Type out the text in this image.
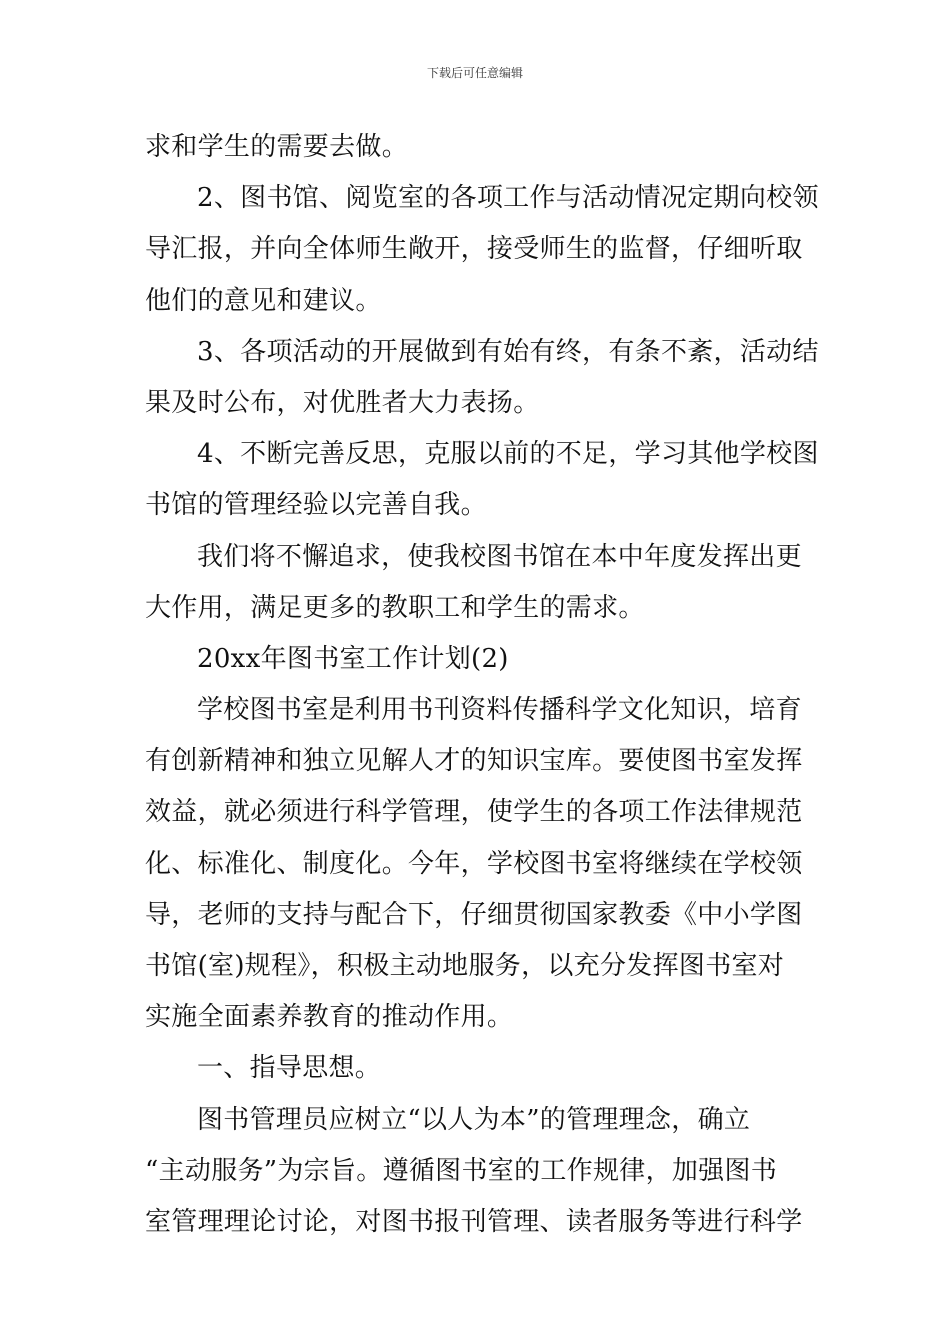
下载后可任意编辑
求和学生的需要去做。
2、图书馆、阅览室的各项工作与活动情况定期向校领
导汇报，并向全体师生敞开，接受师生的监督，仔细听取
他们的意见和建议。
3、各项活动的开展做到有始有终，有条不紊，活动结
果及时公布，对优胜者大力表扬。
4、不断完善反思，克服以前的不足，学习其他学校图
书馆的管理经验以完善自我。
我们将不懈追求，使我校图书馆在本中年度发挥出更
大作用，满足更多的教职工和学生的需求。
20xx年图书室工作计划(2)
学校图书室是利用书刊资料传播科学文化知识，培育
有创新精神和独立见解人才的知识宝库。要使图书室发挥
效益，就必须进行科学管理，使学生的各项工作法律规范
化、标准化、制度化。今年，学校图书室将继续在学校领
导，老师的支持与配合下，仔细贯彻国家教委《中小学图
书馆(室)规程》，积极主动地服务，以充分发挥图书室对
实施全面素养教育的推动作用。
一、指导思想。
图书管理员应树立“以人为本”的管理理念，确立
“主动服务”为宗旨。遵循图书室的工作规律，加强图书
室管理理论讨论，对图书报刊管理、读者服务等进行科学
